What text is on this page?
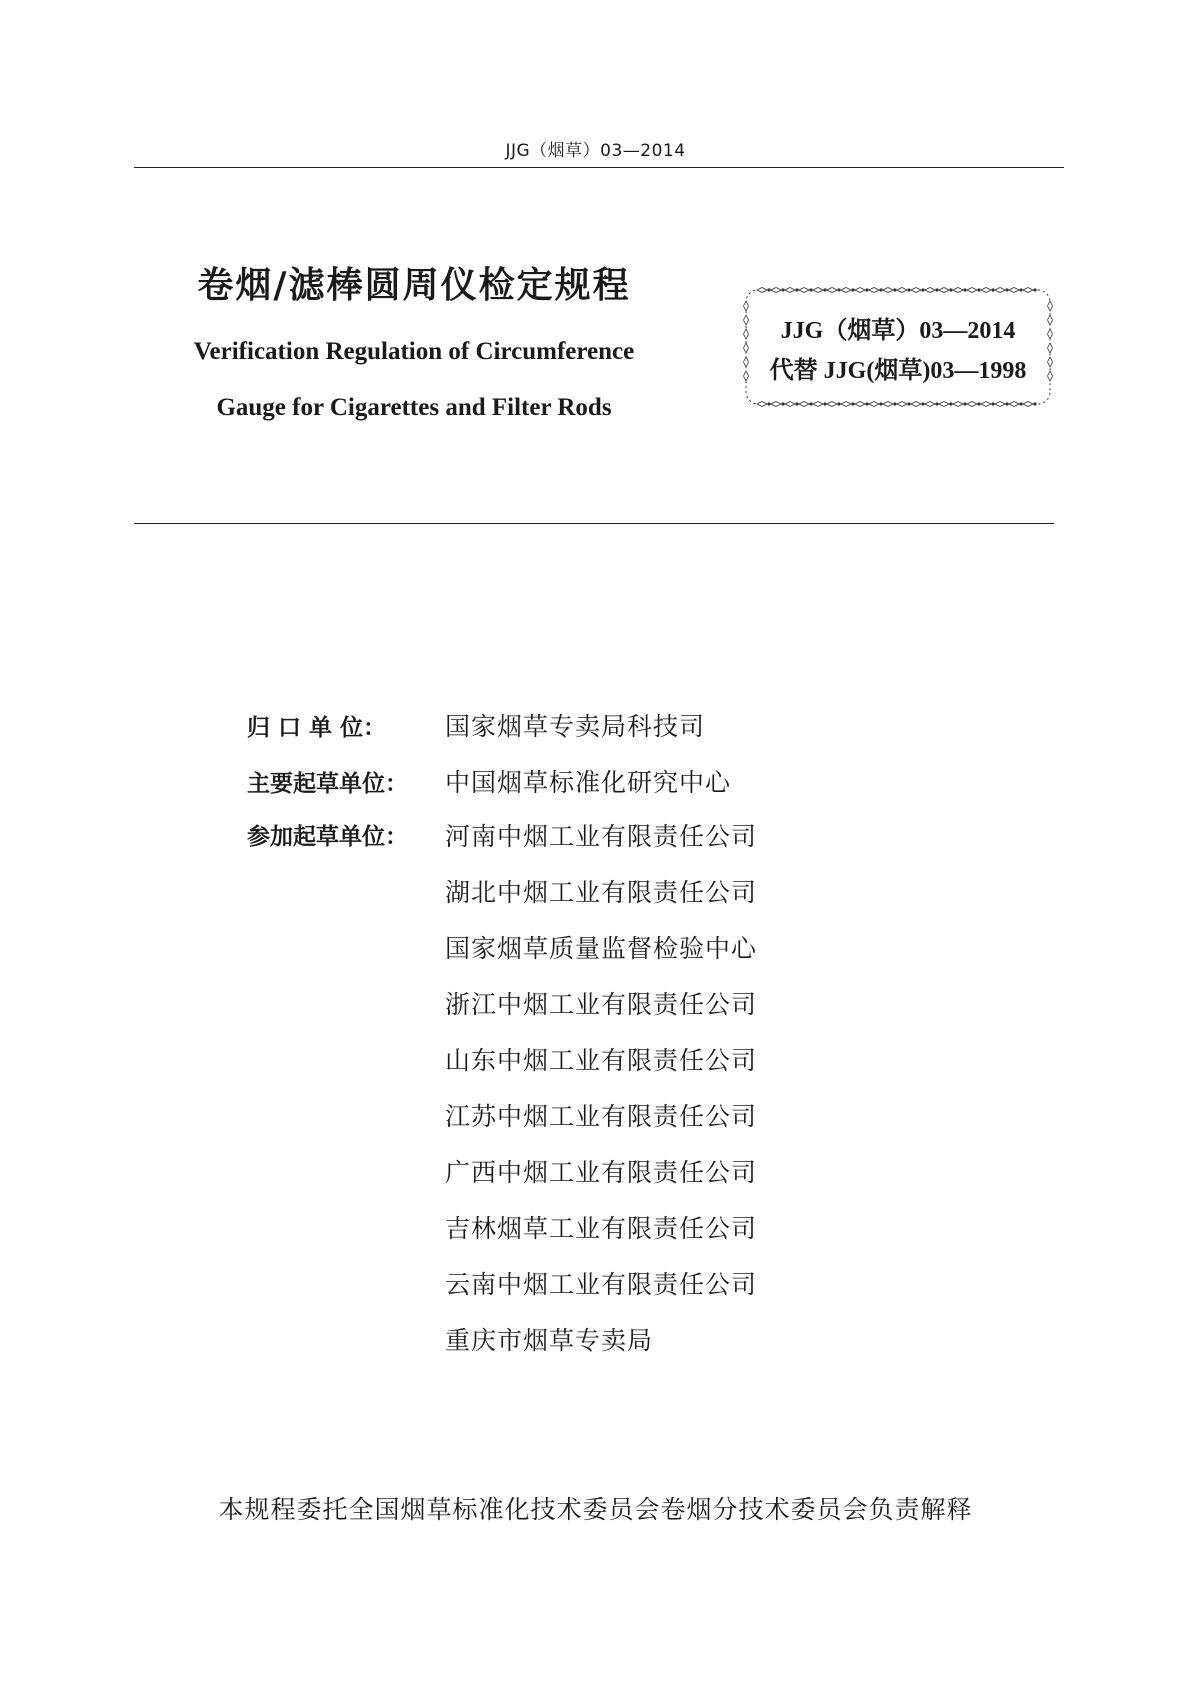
JJG（烟草）03—2014
卷烟/滤棒圆周仪检定规程
Verification Regulation of Circumference
Gauge for Cigarettes and Filter Rods
JJG（烟草）03—2014
代替 JJG(烟草)03—1998
归 口 单 位：	国家烟草专卖局科技司
主要起草单位：	中国烟草标准化研究中心
参加起草单位：	河南中烟工业有限责任公司
湖北中烟工业有限责任公司
国家烟草质量监督检验中心
浙江中烟工业有限责任公司
山东中烟工业有限责任公司
江苏中烟工业有限责任公司
广西中烟工业有限责任公司
吉林烟草工业有限责任公司
云南中烟工业有限责任公司
重庆市烟草专卖局
本规程委托全国烟草标准化技术委员会卷烟分技术委员会负责解释
